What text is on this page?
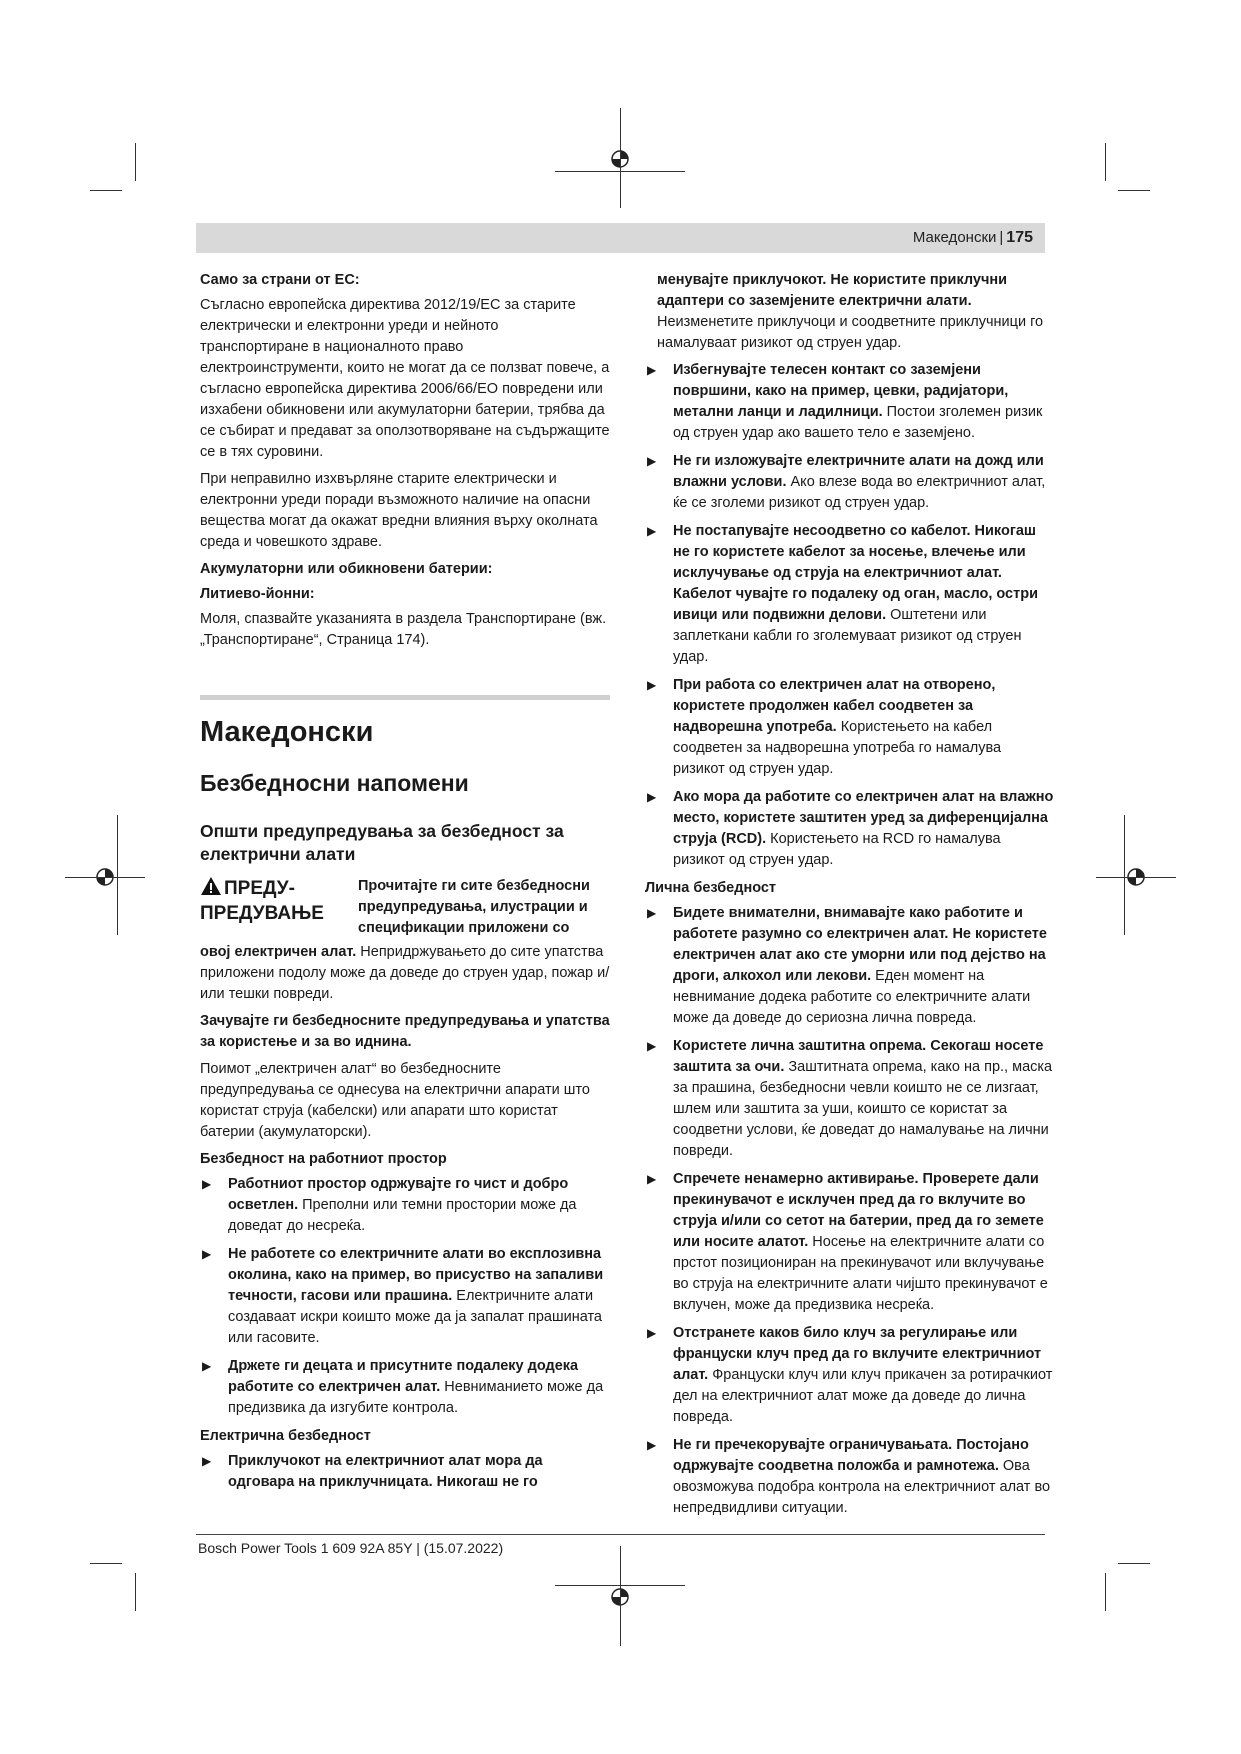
Македонски | 175

Само за страни от ЕС:

Съгласно европейска директива 2012/19/ЕС за старите електрически и електронни уреди и нейното транспортиране в националното право електроинструменти, които не могат да се ползват повече, а съгласно европейска директива 2006/66/ЕО повредени или изхабени обикновени или акумулаторни батерии, трябва да се събират и предават за оползотворяване на съдържащите се в тях суровини.

При неправилно изхвърляне старите електрически и електронни уреди поради възможното наличие на опасни вещества могат да окажат вредни влияния върху околната среда и човешкото здраве.

Акумулаторни или обикновени батерии:

Литиево-йонни:

Моля, спазвайте указанията в раздела Транспортиране (вж. „Транспортиране“, Страница 174).

Македонски
Безбедносни напомени
Општи предупредувања за безбедност за електрични алати
ПРЕДУ-
ПРЕДУВАЊЕ

Прочитајте ги сите безбедносни предупредувања, илустрации и спецификации приложени со

овој електричен алат. Непридржувањето до сите упатства приложени подолу може да доведе до струен удар, пожар и/или тешки повреди.

Зачувајте ги безбедносните предупредувања и упатства за користење и за во иднина.

Поимот „електричен алат“ во безбедносните предупредувања се однесува на електрични апарати што користат струја (кабелски) или апарати што користат батерии (акумулаторски).

Безбедност на работниот простор

▶ Работниот простор одржувајте го чист и добро осветлен. Преполни или темни простории може да доведат до несреќа.
▶ Не работете со електричните алати во експлозивна околина, како на пример, во присуство на запаливи течности, гасови или прашина. Електричните алати создаваат искри коишто може да ја запалат прашината или гасовите.
▶ Држете ги децата и присутните подалеку додека работите со електричен алат. Невниманието може да предизвика да изгубите контрола.

Електрична безбедност

▶ Приклучокот на електричниот алат мора да одговара на приклучницата. Никогаш не го

менувајте приклучокот. Не користите приклучни адаптери со заземјените електрични алати. Неизменетите приклучоци и соодветните приклучници го намалуваат ризикот од струен удар.

▶ Избегнувајте телесен контакт со заземјени површини, како на пример, цевки, радијатори, метални ланци и ладилници. Постои зголемен ризик од струен удар ако вашето тело е заземјено.
▶ Не ги изложувајте електричните алати на дожд или влажни услови. Ако влезе вода во електричниот алат, ќе се зголеми ризикот од струен удар.
▶ Не постапувајте несоодветно со кабелот. Никогаш не го користете кабелот за носење, влечење или исклучување од струја на електричниот алат. Кабелот чувајте го подалеку од оган, масло, остри ивици или подвижни делови. Оштетени или заплеткани кабли го зголемуваат ризикот од струен удар.
▶ При работа со електричен алат на отворено, користете продолжен кабел соодветен за надворешна употреба. Користењето на кабел соодветен за надворешна употреба го намалува ризикот од струен удар.
▶ Ако мора да работите со електричен алат на влажно место, користете заштитен уред за диференцијална струја (RCD). Користењето на RCD го намалува ризикот од струен удар.

Лична безбедност

▶ Бидете внимателни, внимавајте како работите и работете разумно со електричен алат. Не користете електричен алат ако сте уморни или под дејство на дроги, алкохол или лекови. Еден момент на невнимание додека работите со електричните алати може да доведе до сериозна лична повреда.
▶ Користете лична заштитна опрема. Секогаш носете заштита за очи. Заштитната опрема, како на пр., маска за прашина, безбедносни чевли коишто не се лизгаат, шлем или заштита за уши, коишто се користат за соодветни услови, ќе доведат до намалување на лични повреди.
▶ Спречете ненамерно активирање. Проверете дали прекинувачот е исклучен пред да го вклучите во струја и/или со сетот на батерии, пред да го земете или носите алатот. Носење на електричните алати со прстот позициониран на прекинувачот или вклучување во струја на електричните алати чијшто прекинувачот е вклучен, може да предизвика несреќа.
▶ Отстранете каков било клуч за регулирање или француски клуч пред да го вклучите електричниот алат. Француски клуч или клуч прикачен за ротирачкиот дел на електричниот алат може да доведе до лична повреда.
▶ Не ги пречекорувајте ограничувањата. Постојано одржувајте соодветна положба и рамнотежа. Ова овозможува подобра контрола на електричниот алат во непредвидливи ситуации.
Bosch Power Tools 1 609 92A 85Y | (15.07.2022)
